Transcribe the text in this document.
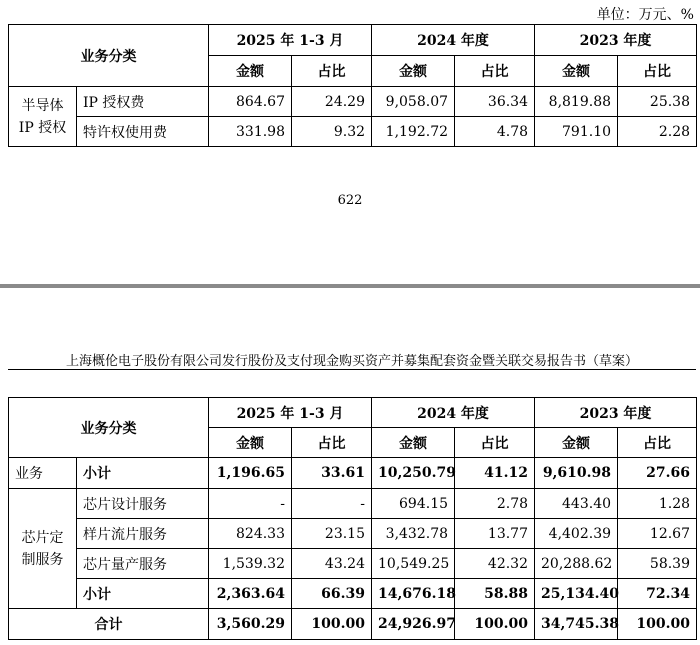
单位：万元、%
业务分类		2025 年 1-3 月		2024 年度		2023 年度	
		金额	占比	金额	占比	金额	占比
半导体
IP 授权	IP 授权费	864.67	24.29	9,058.07	36.34	8,819.88	25.38
	特许权使用费	331.98	9.32	1,192.72	4.78	791.10	2.28
622
上海概伦电子股份有限公司发行股份及支付现金购买资产并募集配套资金暨关联交易报告书（草案）
业务分类		2025 年 1-3 月		2024 年度		2023 年度	
		金额	占比	金额	占比	金额	占比
业务	小计	1,196.65	33.61	10,250.79	41.12	9,610.98	27.66
芯片定
制服务	芯片设计服务	-	-	694.15	2.78	443.40	1.28
	样片流片服务	824.33	23.15	3,432.78	13.77	4,402.39	12.67
	芯片量产服务	1,539.32	43.24	10,549.25	42.32	20,288.62	58.39
	小计	2,363.64	66.39	14,676.18	58.88	25,134.40	72.34
合计		3,560.29	100.00	24,926.97	100.00	34,745.38	100.00
